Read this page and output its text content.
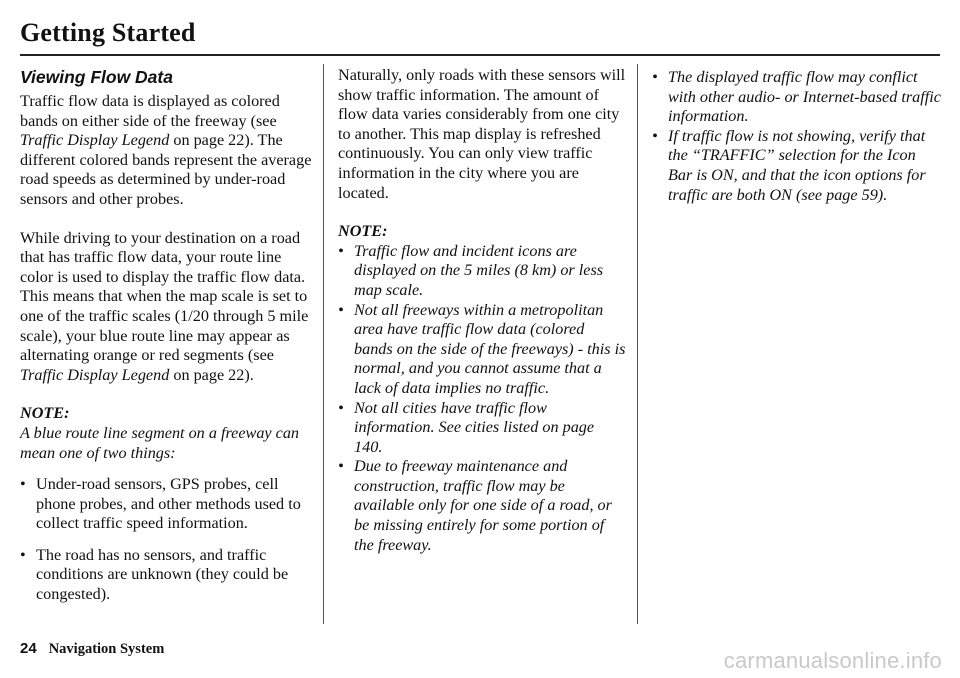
Getting Started
Viewing Flow Data

Traffic flow data is displayed as colored bands on either side of the freeway (see Traffic Display Legend on page 22). The different colored bands represent the average road speeds as determined by under-road sensors and other probes.

While driving to your destination on a road that has traffic flow data, your route line color is used to display the traffic flow data. This means that when the map scale is set to one of the traffic scales (1/20 through 5 mile scale), your blue route line may appear as alternating orange or red segments (see Traffic Display Legend on page 22).

NOTE:

A blue route line segment on a freeway can mean one of two things:

• Under-road sensors, GPS probes, cell phone probes, and other methods used to collect traffic speed information.
• The road has no sensors, and traffic conditions are unknown (they could be congested).

Naturally, only roads with these sensors will show traffic information. The amount of flow data varies considerably from one city to another. This map display is refreshed continuously. You can only view traffic information in the city where you are located.

NOTE:
• Traffic flow and incident icons are displayed on the 5 miles (8 km) or less map scale.
• Not all freeways within a metropolitan area have traffic flow data (colored bands on the side of the freeways) - this is normal, and you cannot assume that a lack of data implies no traffic.
• Not all cities have traffic flow information. See cities listed on page 140.
• Due to freeway maintenance and construction, traffic flow may be available only for one side of a road, or be missing entirely for some portion of the freeway.
• The displayed traffic flow may conflict with other audio- or Internet-based traffic information.
• If traffic flow is not showing, verify that the “TRAFFIC” selection for the Icon Bar is ON, and that the icon options for traffic are both ON (see page 59).
24 Navigation System	carmanualsonline.info
